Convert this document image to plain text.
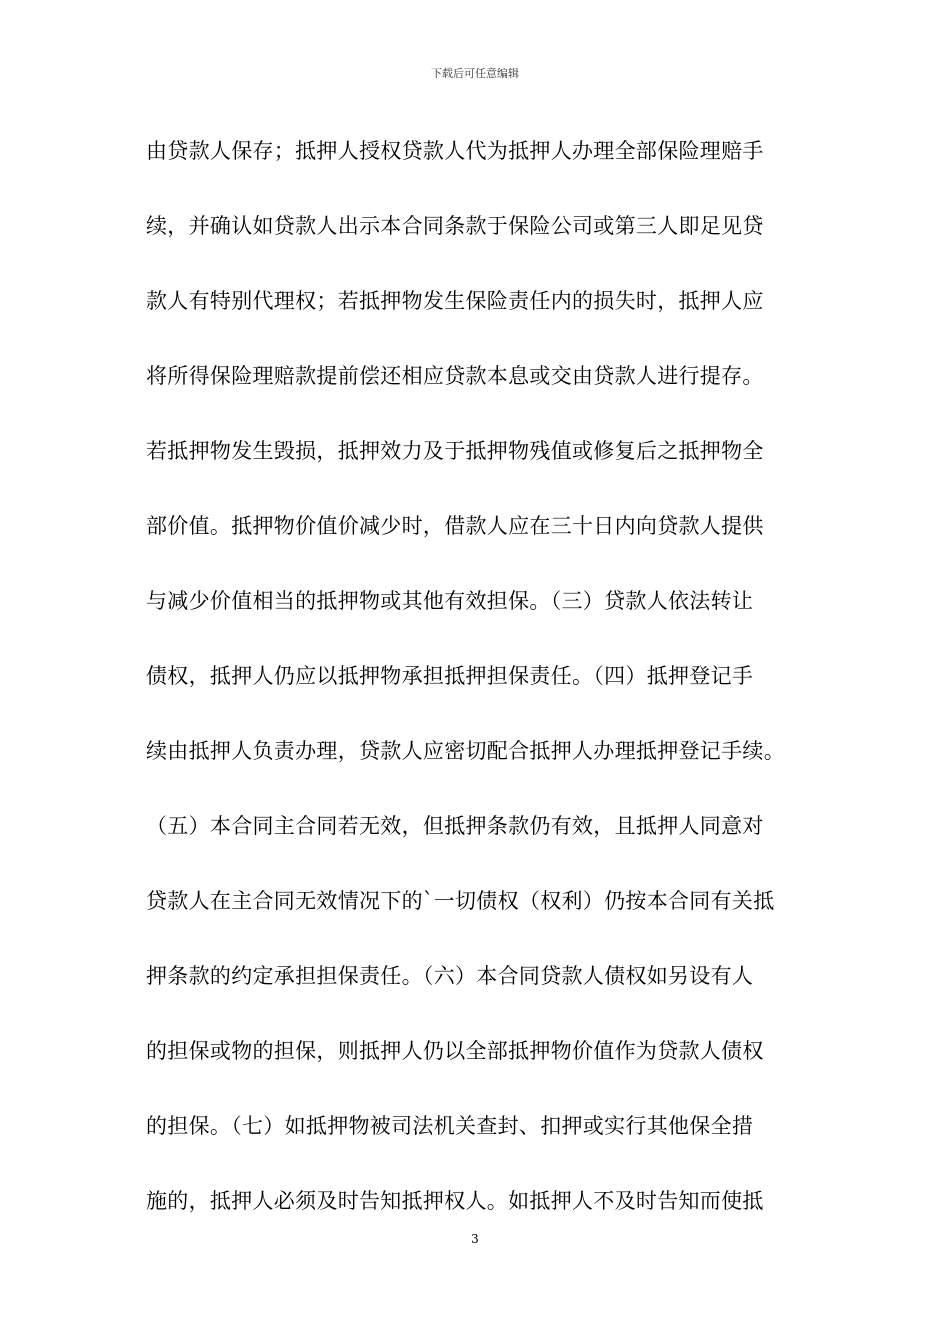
下载后可任意编辑
由贷款人保存；抵押人授权贷款人代为抵押人办理全部保险理赔手
续，并确认如贷款人出示本合同条款于保险公司或第三人即足见贷
款人有特别代理权；若抵押物发生保险责任内的损失时，抵押人应
将所得保险理赔款提前偿还相应贷款本息或交由贷款人进行提存。
若抵押物发生毁损，抵押效力及于抵押物残值或修复后之抵押物全
部价值。抵押物价值价减少时，借款人应在三十日内向贷款人提供
与减少价值相当的抵押物或其他有效担保。（三）贷款人依法转让
债权，抵押人仍应以抵押物承担抵押担保责任。（四）抵押登记手
续由抵押人负责办理，贷款人应密切配合抵押人办理抵押登记手续。
（五）本合同主合同若无效，但抵押条款仍有效，且抵押人同意对
贷款人在主合同无效情况下的`一切债权（权利）仍按本合同有关抵
押条款的约定承担担保责任。（六）本合同贷款人债权如另设有人
的担保或物的担保，则抵押人仍以全部抵押物价值作为贷款人债权
的担保。（七）如抵押物被司法机关查封、扣押或实行其他保全措
施的，抵押人必须及时告知抵押权人。如抵押人不及时告知而使抵
3
